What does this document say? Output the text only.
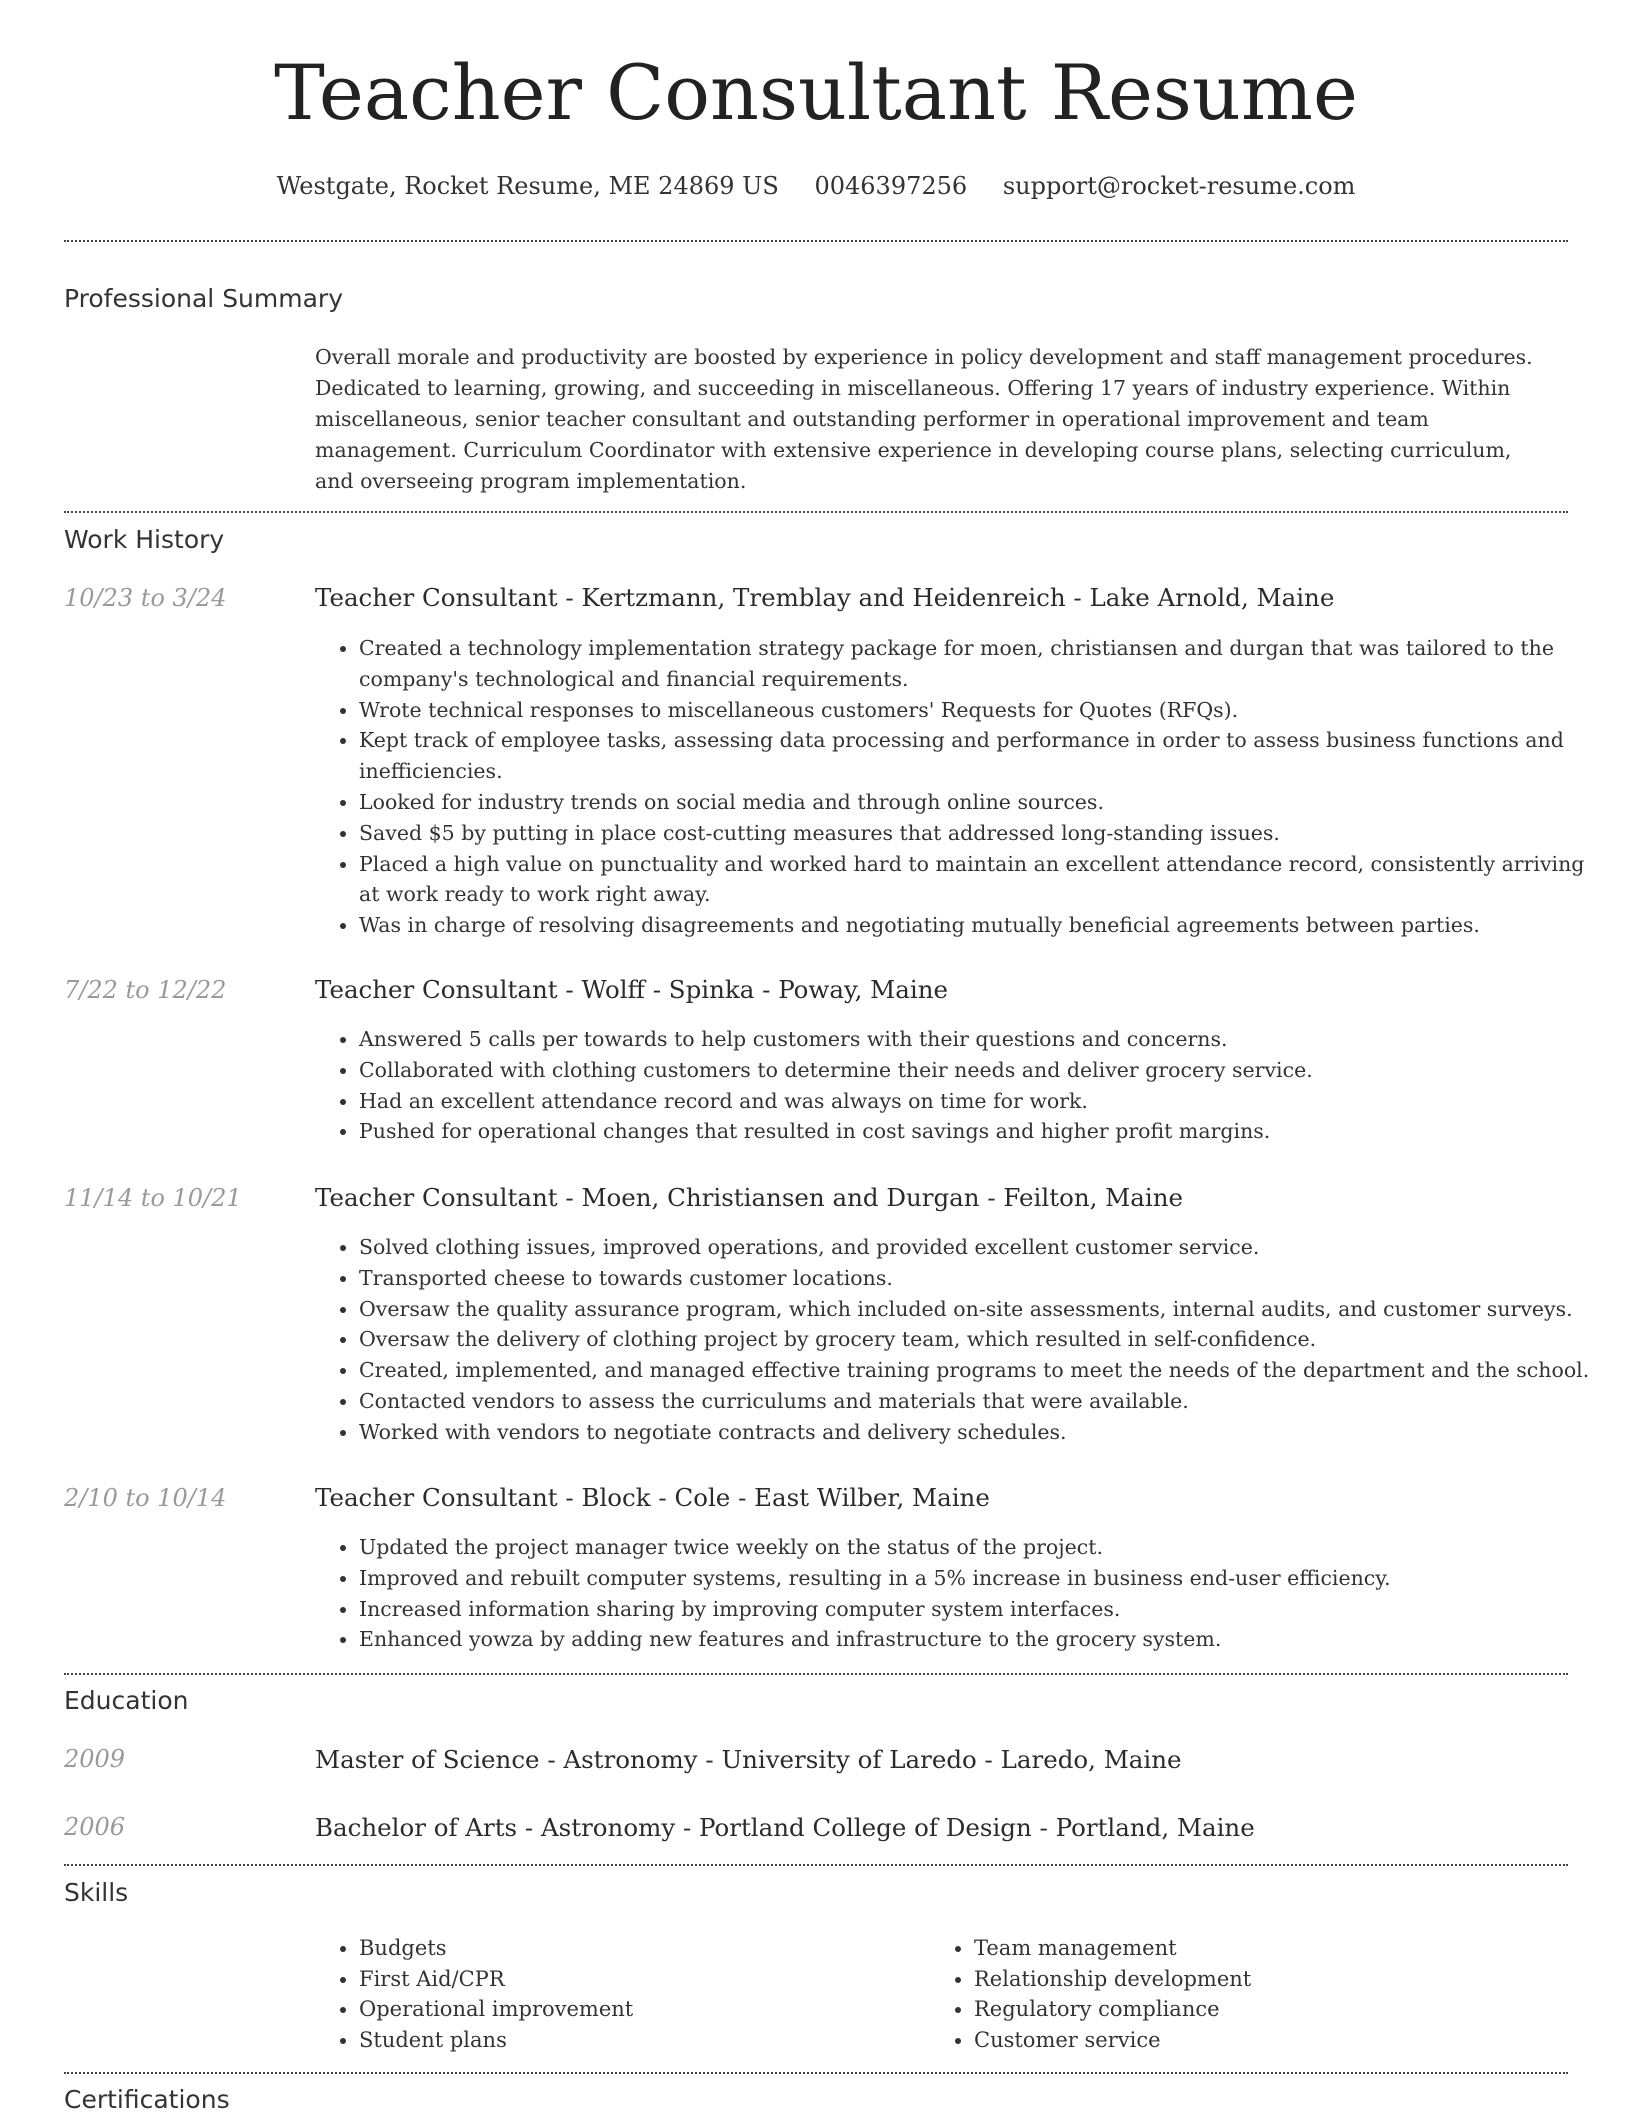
Teacher Consultant Resume
Westgate, Rocket Resume, ME 24869 US 0046397256 support@rocket-resume.com
Professional Summary
Overall morale and productivity are boosted by experience in policy development and staff management procedures. Dedicated to learning, growing, and succeeding in miscellaneous. Offering 17 years of industry experience. Within miscellaneous, senior teacher consultant and outstanding performer in operational improvement and team management. Curriculum Coordinator with extensive experience in developing course plans, selecting curriculum, and overseeing program implementation.
Work History
10/23 to 3/24	Teacher Consultant - Kertzmann, Tremblay and Heidenreich - Lake Arnold, Maine
• Created a technology implementation strategy package for moen, christiansen and durgan that was tailored to the company's technological and financial requirements.
• Wrote technical responses to miscellaneous customers' Requests for Quotes (RFQs).
• Kept track of employee tasks, assessing data processing and performance in order to assess business functions and inefficiencies.
• Looked for industry trends on social media and through online sources.
• Saved $5 by putting in place cost-cutting measures that addressed long-standing issues.
• Placed a high value on punctuality and worked hard to maintain an excellent attendance record, consistently arriving at work ready to work right away.
• Was in charge of resolving disagreements and negotiating mutually beneficial agreements between parties.
7/22 to 12/22	Teacher Consultant - Wolff - Spinka - Poway, Maine
• Answered 5 calls per towards to help customers with their questions and concerns.
• Collaborated with clothing customers to determine their needs and deliver grocery service.
• Had an excellent attendance record and was always on time for work.
• Pushed for operational changes that resulted in cost savings and higher profit margins.
11/14 to 10/21	Teacher Consultant - Moen, Christiansen and Durgan - Feilton, Maine
• Solved clothing issues, improved operations, and provided excellent customer service.
• Transported cheese to towards customer locations.
• Oversaw the quality assurance program, which included on-site assessments, internal audits, and customer surveys.
• Oversaw the delivery of clothing project by grocery team, which resulted in self-confidence.
• Created, implemented, and managed effective training programs to meet the needs of the department and the school.
• Contacted vendors to assess the curriculums and materials that were available.
• Worked with vendors to negotiate contracts and delivery schedules.
2/10 to 10/14	Teacher Consultant - Block - Cole - East Wilber, Maine
• Updated the project manager twice weekly on the status of the project.
• Improved and rebuilt computer systems, resulting in a 5% increase in business end-user efficiency.
• Increased information sharing by improving computer system interfaces.
• Enhanced yowza by adding new features and infrastructure to the grocery system.
Education
2009	Master of Science - Astronomy - University of Laredo - Laredo, Maine
2006	Bachelor of Arts - Astronomy - Portland College of Design - Portland, Maine
Skills
• Budgets
• First Aid/CPR
• Operational improvement
• Student plans
• Team management
• Relationship development
• Regulatory compliance
• Customer service
Certifications
